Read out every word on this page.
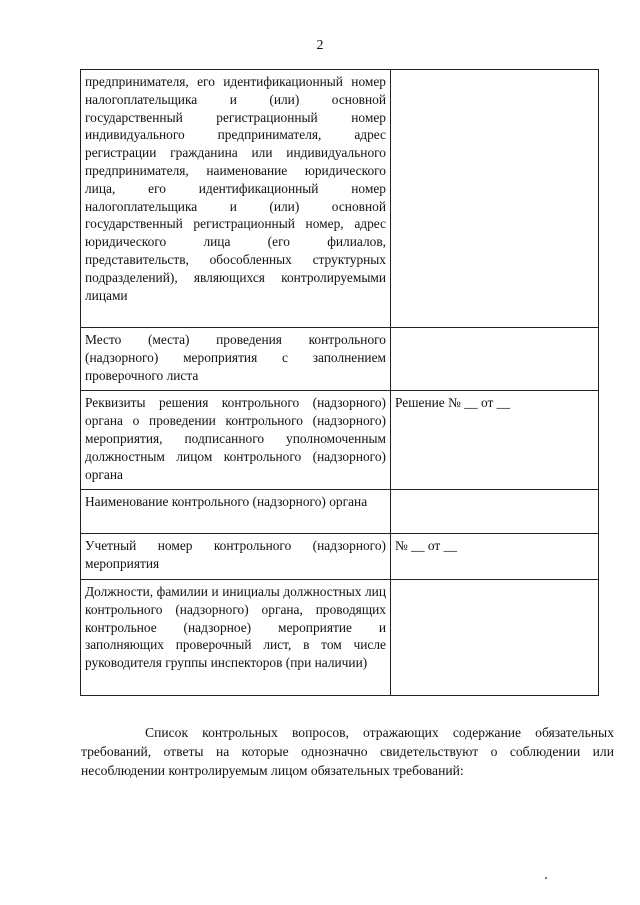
2
предпринимателя, его идентификационный номер налогоплательщика и (или) основной государственный регистрационный номер индивидуального предпринимателя, адрес регистрации гражданина или индивидуального предпринимателя, наименование юридического лица, его идентификационный номер налогоплательщика и (или) основной государственный регистрационный номер, адрес юридического лица (его филиалов, представительств, обособленных структурных подразделений), являющихся контролируемыми лицами	
Место (места) проведения контрольного (надзорного) мероприятия с заполнением проверочного листа	
Реквизиты решения контрольного (надзорного) органа о проведении контрольного (надзорного) мероприятия, подписанного уполномоченным должностным лицом контрольного (надзорного) органа	Решение № __ от __
Наименование контрольного (надзорного) органа	
Учетный номер контрольного (надзорного) мероприятия	№ __ от __
Должности, фамилии и инициалы должностных лиц контрольного (надзорного) органа, проводящих контрольное (надзорное) мероприятие и заполняющих проверочный лист, в том числе руководителя группы инспекторов (при наличии)	
Список контрольных вопросов, отражающих содержание обязательных требований, ответы на которые однозначно свидетельствуют о соблюдении или несоблюдении контролируемым лицом обязательных требований:
